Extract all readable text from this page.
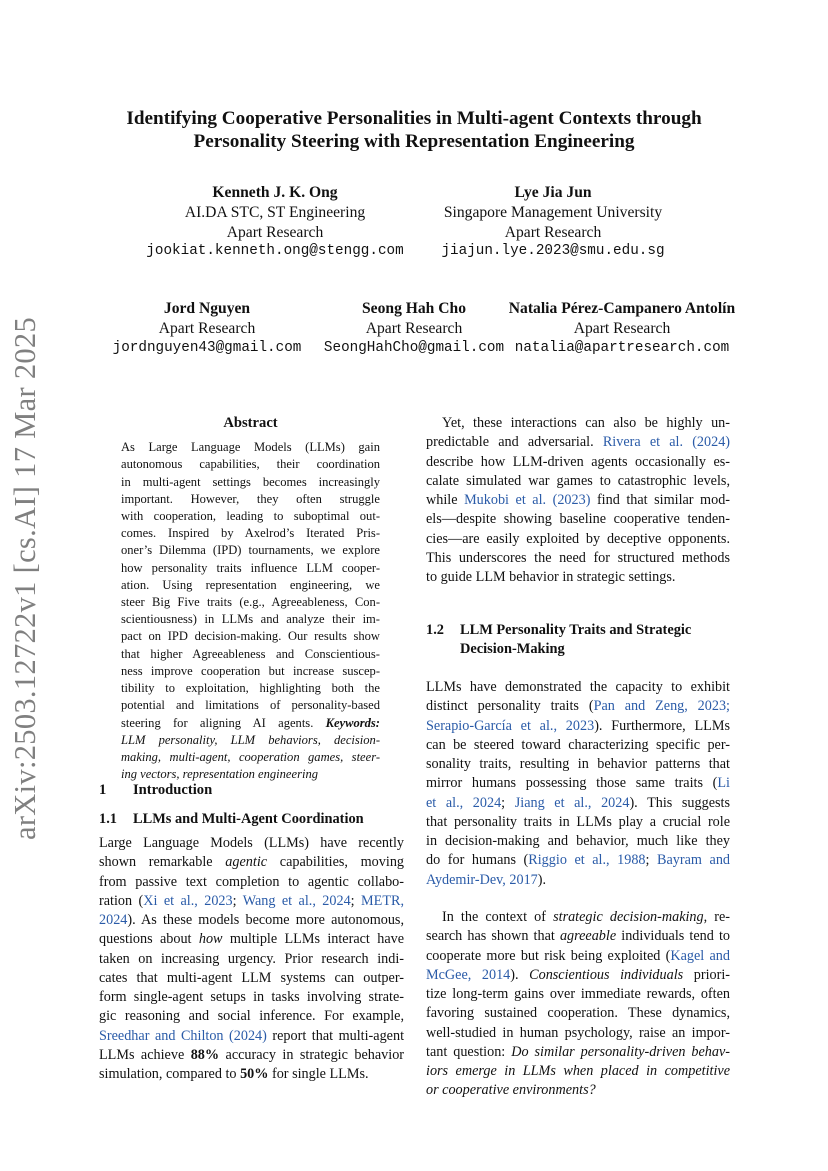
arXiv:2503.12722v1 [cs.AI] 17 Mar 2025
Identifying Cooperative Personalities in Multi-agent Contexts through
Personality Steering with Representation Engineering
Kenneth J. K. Ong
AI.DA STC, ST Engineering
Apart Research
jookiat.kenneth.ong@stengg.com
Lye Jia Jun
Singapore Management University
Apart Research
jiajun.lye.2023@smu.edu.sg
Jord Nguyen
Apart Research
jordnguyen43@gmail.com
Seong Hah Cho
Apart Research
SeongHahCho@gmail.com
Natalia Pérez-Campanero Antolín
Apart Research
natalia@apartresearch.com
Abstract
As Large Language Models (LLMs) gain
autonomous capabilities, their coordination
in multi-agent settings becomes increasingly
important. However, they often struggle
with cooperation, leading to suboptimal out-
comes. Inspired by Axelrod’s Iterated Pris-
oner’s Dilemma (IPD) tournaments, we explore
how personality traits influence LLM cooper-
ation. Using representation engineering, we
steer Big Five traits (e.g., Agreeableness, Con-
scientiousness) in LLMs and analyze their im-
pact on IPD decision-making. Our results show
that higher Agreeableness and Conscientious-
ness improve cooperation but increase suscep-
tibility to exploitation, highlighting both the
potential and limitations of personality-based
steering for aligning AI agents. Keywords:
LLM personality, LLM behaviors, decision-
making, multi-agent, cooperation games, steer-
ing vectors, representation engineering
1 Introduction
1.1 LLMs and Multi-Agent Coordination
Large Language Models (LLMs) have recently
shown remarkable agentic capabilities, moving
from passive text completion to agentic collabo-
ration (Xi et al., 2023; Wang et al., 2024; METR,
2024). As these models become more autonomous,
questions about how multiple LLMs interact have
taken on increasing urgency. Prior research indi-
cates that multi-agent LLM systems can outper-
form single-agent setups in tasks involving strate-
gic reasoning and social inference. For example,
Sreedhar and Chilton (2024) report that multi-agent
LLMs achieve 88% accuracy in strategic behavior
simulation, compared to 50% for single LLMs.
Yet, these interactions can also be highly un-
predictable and adversarial. Rivera et al. (2024)
describe how LLM-driven agents occasionally es-
calate simulated war games to catastrophic levels,
while Mukobi et al. (2023) find that similar mod-
els—despite showing baseline cooperative tenden-
cies—are easily exploited by deceptive opponents.
This underscores the need for structured methods
to guide LLM behavior in strategic settings.
1.2 LLM Personality Traits and Strategic
Decision-Making
LLMs have demonstrated the capacity to exhibit
distinct personality traits (Pan and Zeng, 2023;
Serapio-García et al., 2023). Furthermore, LLMs
can be steered toward characterizing specific per-
sonality traits, resulting in behavior patterns that
mirror humans possessing those same traits (Li
et al., 2024; Jiang et al., 2024). This suggests
that personality traits in LLMs play a crucial role
in decision-making and behavior, much like they
do for humans (Riggio et al., 1988; Bayram and
Aydemir-Dev, 2017).
In the context of strategic decision-making, re-
search has shown that agreeable individuals tend to
cooperate more but risk being exploited (Kagel and
McGee, 2014). Conscientious individuals priori-
tize long-term gains over immediate rewards, often
favoring sustained cooperation. These dynamics,
well-studied in human psychology, raise an impor-
tant question: Do similar personality-driven behav-
iors emerge in LLMs when placed in competitive
or cooperative environments?
